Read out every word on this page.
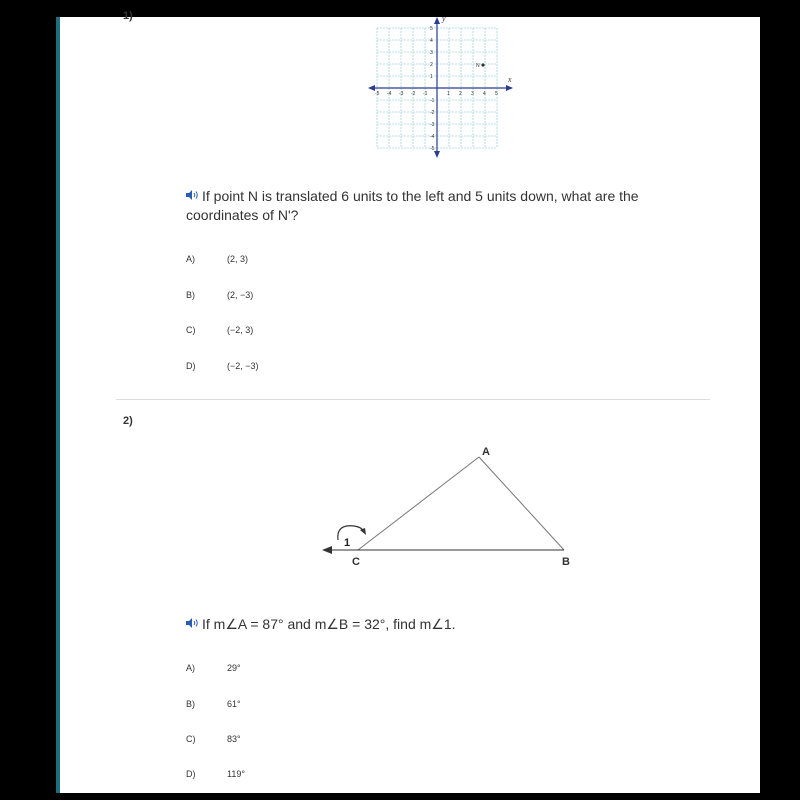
1)
x
y
-5 -4 -3 -2 -1	1 2 3 4 5
5
4
3
2
1
-1
-2
-3
-4
-5
N
If point N is translated 6 units to the left and 5 units down, what are the
coordinates of N'?
A)	(2, 3)
B)	(2, −3)
C)	(−2, 3)
D)	(−2, −3)
2)
1
A
B
C
If m∠A = 87° and m∠B = 32°, find m∠1.
A)	29°
B)	61°
C)	83°
D)	119°
